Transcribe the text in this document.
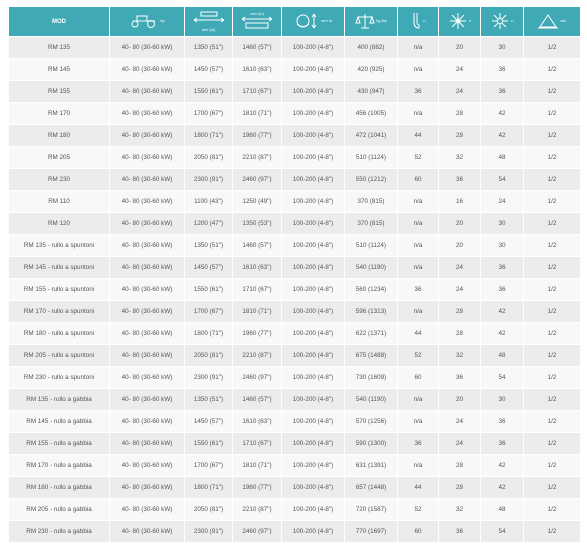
MOD	hp	mm (in)	mm (in)	mm in	kg lbs	n	n	n	cat.

RM 135	40- 80 (30-60 kW)	1350 (51")	1460 (57")	100-200 (4-8")	400 (882)	n/a	20	30	1/2
RM 145	40- 80 (30-60 kW)	1450 (57")	1610 (63")	100-200 (4-8")	420 (925)	n/a	24	36	1/2
RM 155	40- 80 (30-60 kW)	1550 (61")	1710 (67")	100-200 (4-8")	430 (947)	36	24	36	1/2
RM 170	40- 80 (30-60 kW)	1700 (67")	1810 (71")	100-200 (4-8")	456 (1005)	n/a	28	42	1/2
RM 180	40- 80 (30-60 kW)	1800 (71")	1960 (77")	100-200 (4-8")	472 (1041)	44	28	42	1/2
RM 205	40- 80 (30-60 kW)	2050 (81")	2210 (87")	100-200 (4-8")	510 (1124)	52	32	48	1/2
RM 230	40- 80 (30-60 kW)	2300 (91")	2460 (97")	100-200 (4-8")	550 (1212)	60	36	54	1/2
RM 110	40- 80 (30-60 kW)	1100 (43")	1250 (49")	100-200 (4-8")	370 (815)	n/a	16	24	1/2
RM 120	40- 80 (30-60 kW)	1200 (47")	1350 (53")	100-200 (4-8")	370 (815)	n/a	20	30	1/2
RM 135 - rullo a spuntoni	40- 80 (30-60 kW)	1350 (51")	1460 (57")	100-200 (4-8")	510 (1124)	n/a	20	30	1/2
RM 145 - rullo a spuntoni	40- 80 (30-60 kW)	1450 (57")	1610 (63")	100-200 (4-8")	540 (1190)	n/a	24	36	1/2
RM 155 - rullo a spuntoni	40- 80 (30-60 kW)	1550 (61")	1710 (67")	100-200 (4-8")	560 (1234)	36	24	36	1/2
RM 170 - rullo a spuntoni	40- 80 (30-60 kW)	1700 (67")	1810 (71")	100-200 (4-8")	596 (1313)	n/a	28	42	1/2
RM 180 - rullo a spuntoni	40- 80 (30-60 kW)	1800 (71")	1960 (77")	100-200 (4-8")	622 (1371)	44	28	42	1/2
RM 205 - rullo a spuntoni	40- 80 (30-60 kW)	2050 (81")	2210 (87")	100-200 (4-8")	675 (1488)	52	32	48	1/2
RM 230 - rullo a spuntoni	40- 80 (30-60 kW)	2300 (91")	2460 (97")	100-200 (4-8")	730 (1609)	60	36	54	1/2
RM 135 - rullo a gabbia	40- 80 (30-60 kW)	1350 (51")	1460 (57")	100-200 (4-8")	540 (1190)	n/a	20	30	1/2
RM 145 - rullo a gabbia	40- 80 (30-60 kW)	1450 (57")	1610 (63")	100-200 (4-8")	570 (1256)	n/a	24	36	1/2
RM 155 - rullo a gabbia	40- 80 (30-60 kW)	1550 (61")	1710 (67")	100-200 (4-8")	590 (1300)	36	24	36	1/2
RM 170 - rullo a gabbia	40- 80 (30-60 kW)	1700 (67")	1810 (71")	100-200 (4-8")	631 (1391)	n/a	28	42	1/2
RM 180 - rullo a gabbia	40- 80 (30-60 kW)	1800 (71")	1960 (77")	100-200 (4-8")	657 (1448)	44	28	42	1/2
RM 205 - rullo a gabbia	40- 80 (30-60 kW)	2050 (81")	2210 (87")	100-200 (4-8")	720 (1587)	52	32	48	1/2
RM 230 - rullo a gabbia	40- 80 (30-60 kW)	2300 (91")	2460 (97")	100-200 (4-8")	770 (1697)	60	36	54	1/2
